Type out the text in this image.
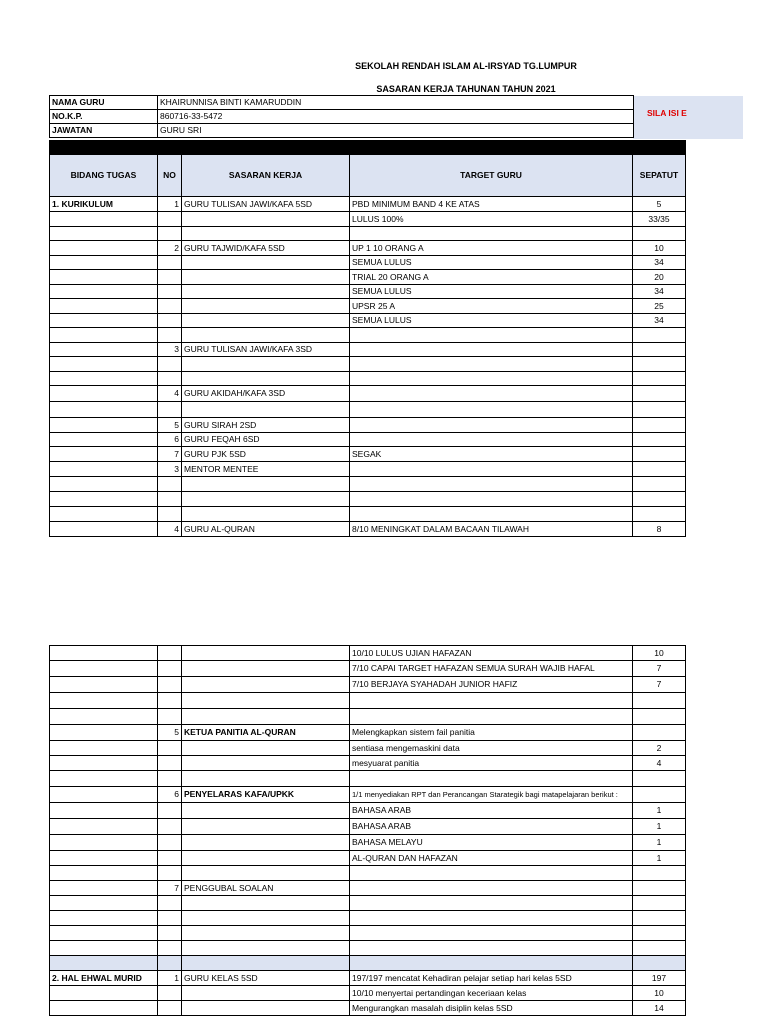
SEKOLAH RENDAH ISLAM AL-IRSYAD TG.LUMPUR
SASARAN KERJA TAHUNAN TAHUN 2021
SILA ISI E
NAMA GURU	KHAIRUNNISA BINTI KAMARUDDIN
NO.K.P.	860716-33-5472
JAWATAN	GURU SRI

BIDANG TUGAS	NO	SASARAN KERJA	TARGET GURU	SEPATUT
1. KURIKULUM	1	GURU TULISAN JAWI/KAFA 5SD	PBD MINIMUM BAND 4 KE ATAS	5
			LULUS 100%	33/35

	2	GURU TAJWID/KAFA 5SD	UP 1 10 ORANG A	10
			SEMUA LULUS	34
			TRIAL 20 ORANG A	20
			SEMUA LULUS	34
			UPSR 25 A	25
			SEMUA LULUS	34

	3	GURU TULISAN JAWI/KAFA 3SD		

	4	GURU AKIDAH/KAFA 3SD		

	5	GURU SIRAH 2SD		
	6	GURU FEQAH 6SD		
	7	GURU PJK 5SD	SEGAK	
	3	MENTOR MENTEE		

	4	GURU AL-QURAN	8/10 MENINGKAT DALAM BACAAN TILAWAH	8
			10/10 LULUS UJIAN HAFAZAN	10
			7/10 CAPAI TARGET HAFAZAN SEMUA SURAH WAJIB HAFAL	7
			7/10 BERJAYA SYAHADAH JUNIOR HAFIZ	7

	5	KETUA PANITIA AL-QURAN	Melengkapkan sistem fail panitia	
			sentiasa mengemaskini data	2
			mesyuarat panitia	4

	6	PENYELARAS KAFA/UPKK	1/1 menyediakan RPT dan Perancangan Starategik bagi matapelajaran berikut :	
			BAHASA ARAB	1
			BAHASA ARAB	1
			BAHASA MELAYU	1
			AL-QURAN DAN HAFAZAN	1

	7	PENGGUBAL SOALAN		

2. HAL EHWAL MURID	1	GURU KELAS 5SD	197/197 mencatat Kehadiran pelajar setiap hari kelas 5SD	197
			10/10 menyertai pertandingan keceriaan kelas	10
			Mengurangkan masalah disiplin kelas 5SD	14
